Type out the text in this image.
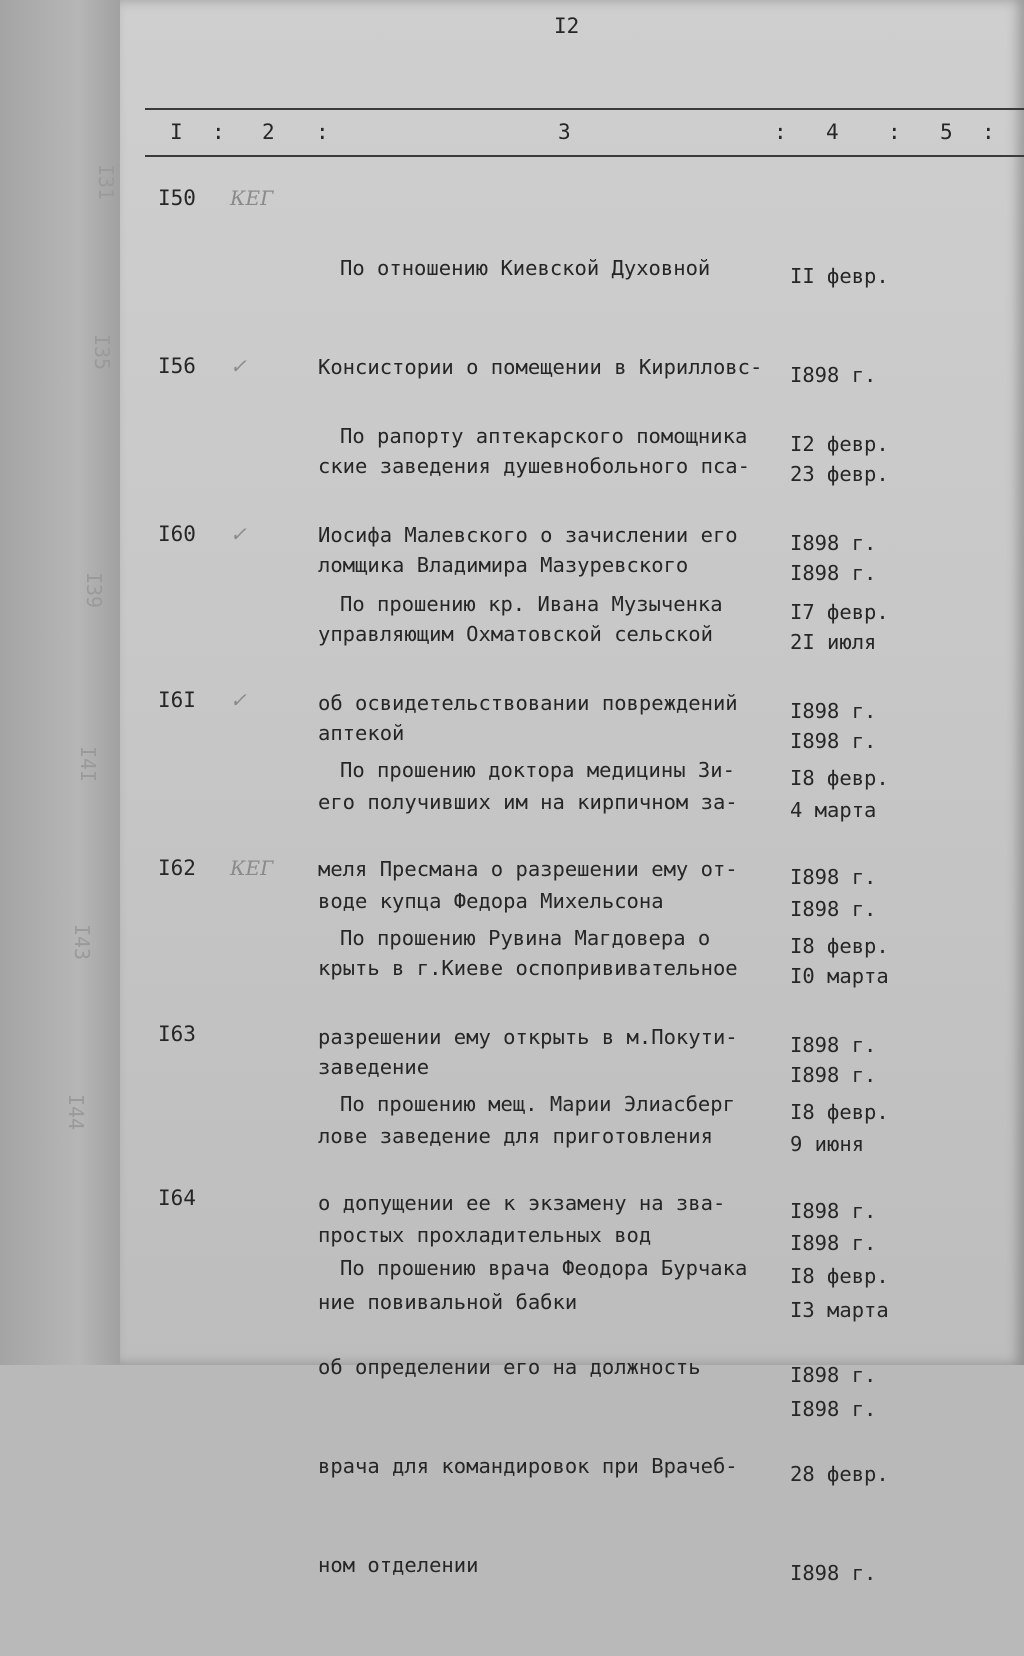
I31
I35
I39
I4I
I43
I44
I2
I : 2 :	3	: 4 : 5 :
I50 КЕГ

По отношению Киевской Духовной

Консистории о помещении в Кирилловс-

ские заведения душевнобольного пса-

ломщика Владимира Мазуревского

II февр.

I898 г.

23 февр.

I898 г.

I56 ✓

По рапорту аптекарского помощника

Иосифа Малевского о зачислении его

управляющим Охматовской сельской

аптекой

I2 февр.

I898 г.

2I июля

I898 г.

I60 ✓

По прошению кр. Ивана Музыченка

об освидетельствовании повреждений

его получивших им на кирпичном за-

воде купца Федора Михельсона

I7 февр.

I898 г.

4 марта

I898 г.

I6I ✓

По прошению доктора медицины Зи-

меля Пресмана о разрешении ему от-

крыть в г.Киеве оспопрививательное

заведение

I8 февр.

I898 г.

I0 марта

I898 г.

I62 КЕГ

По прошению Рувина Магдовера о

разрешении ему открыть в м.Покути-

лове заведение для приготовления

простых прохладительных вод

I8 февр.

I898 г.

9 июня

I898 г.

I63

По прошению мещ. Марии Элиасберг

о допущении ее к экзамену на зва-

ние повивальной бабки

I8 февр.

I898 г.

I3 марта

I898 г.

I64

По прошению врача Феодора Бурчака

об определении его на должность

врача для командировок при Врачеб-

ном отделении

I8 февр.

I898 г.

28 февр.

I898 г.
